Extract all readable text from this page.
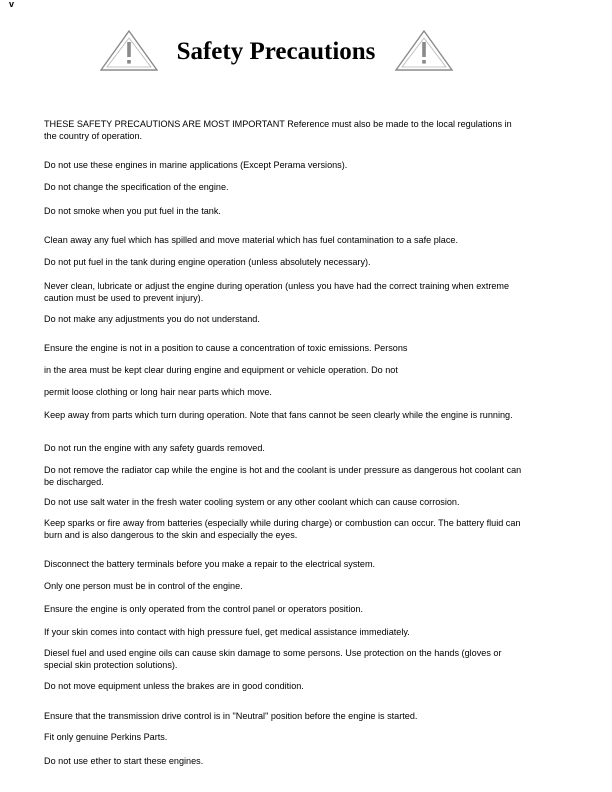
v
Safety Precautions

THESE SAFETY PRECAUTIONS ARE MOST IMPORTANT Reference must also be made to the local regulations in the country of operation.

Do not use these engines in marine applications (Except Perama versions).

Do not change the specification of the engine.

Do not smoke when you put fuel in the tank.

Clean away any fuel which has spilled and move material which has fuel contamination to a safe place.

Do not put fuel in the tank during engine operation (unless absolutely necessary).

Never clean, lubricate or adjust the engine during operation (unless you have had the correct training when extreme caution must be used to prevent injury).

Do not make any adjustments you do not understand.

Ensure the engine is not in a position to cause a concentration of toxic emissions. Persons

in the area must be kept clear during engine and equipment or vehicle operation. Do not

permit loose clothing or long hair near parts which move.

Keep away from parts which turn during operation. Note that fans cannot be seen clearly while the engine is running.

Do not run the engine with any safety guards removed.

Do not remove the radiator cap while the engine is hot and the coolant is under pressure as dangerous hot coolant can be discharged.

Do not use salt water in the fresh water cooling system or any other coolant which can cause corrosion.

Keep sparks or fire away from batteries (especially while during charge) or combustion can occur. The battery fluid can burn and is also dangerous to the skin and especially the eyes.

Disconnect the battery terminals before you make a repair to the electrical system.

Only one person must be in control of the engine.

Ensure the engine is only operated from the control panel or operators position.

If your skin comes into contact with high pressure fuel, get medical assistance immediately.

Diesel fuel and used engine oils can cause skin damage to some persons. Use protection on the hands (gloves or special skin protection solutions).

Do not move equipment unless the brakes are in good condition.

Ensure that the transmission drive control is in "Neutral" position before the engine is started.

Fit only genuine Perkins Parts.

Do not use ether to start these engines.
